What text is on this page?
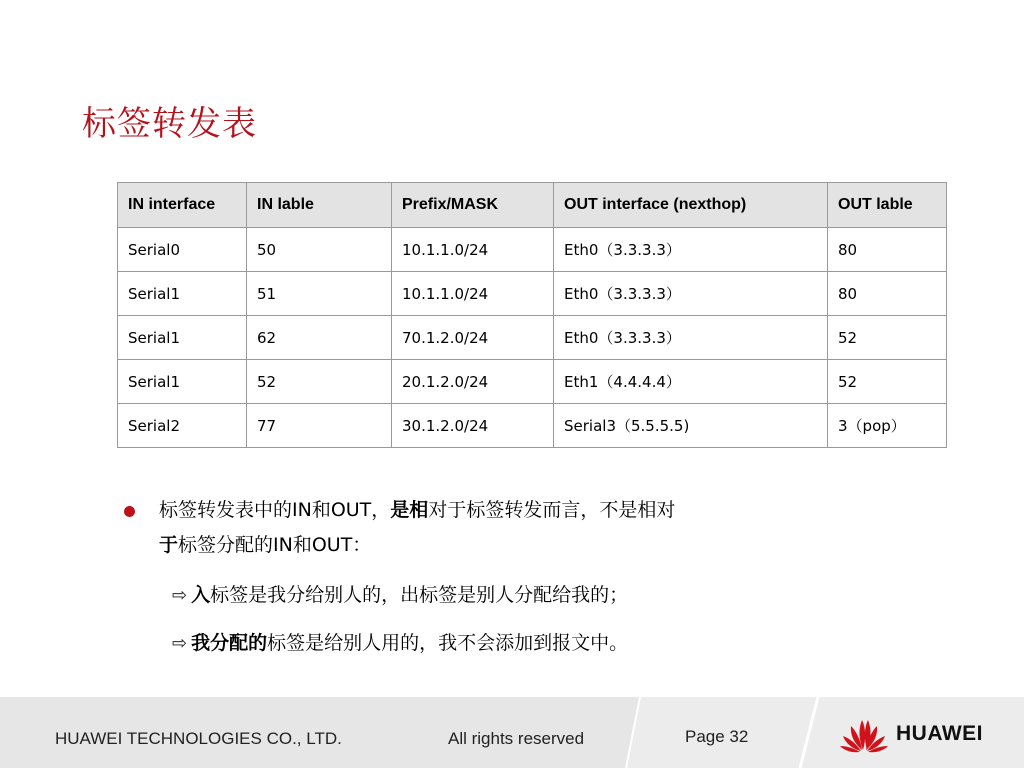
标签转发表
IN interface	IN lable	Prefix/MASK	OUT interface (nexthop)	OUT lable
Serial0	50	10.1.1.0/24	Eth0（3.3.3.3）	80
Serial1	51	10.1.1.0/24	Eth0（3.3.3.3）	80
Serial1	62	70.1.2.0/24	Eth0（3.3.3.3）	52
Serial1	52	20.1.2.0/24	Eth1（4.4.4.4）	52
Serial2	77	30.1.2.0/24	Serial3（5.5.5.5)	3（pop）
标签转发表中的IN和OUT，是相对于标签转发而言，不是相对
于标签分配的IN和OUT：
⇨ 入标签是我分给别人的，出标签是别人分配给我的；
⇨ 我分配的标签是给别人用的，我不会添加到报文中。
HUAWEI TECHNOLOGIES CO., LTD.	All rights reserved	Page 32	HUAWEI
